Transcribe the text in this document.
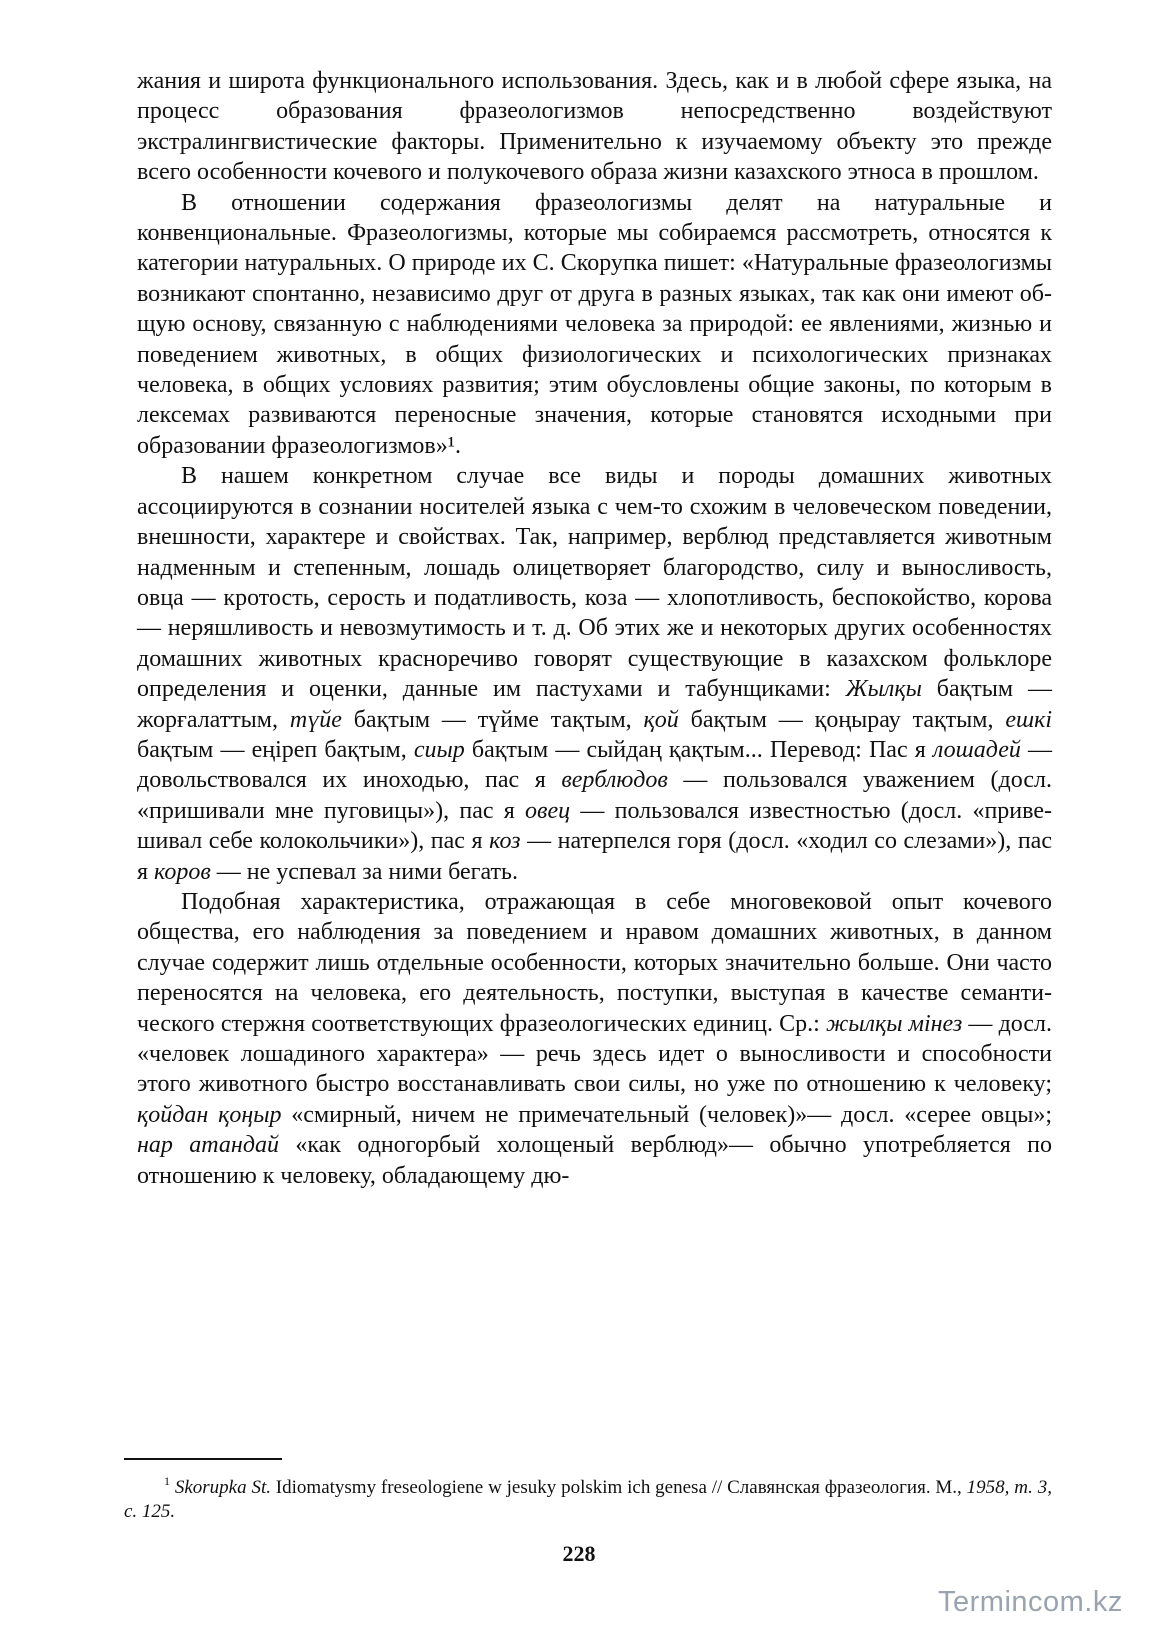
жания и широта функционального использования. Здесь, как и в любой сфере языка, на процесс образования фразеологизмов непосредственно воздействуют экстралингвистические факторы. Применительно к изучаемому объекту это прежде всего особенности кочевого и полукочевого образа жизни казахского этноса в прошлом.

В отношении содержания фразеологизмы делят на натуральные и конвенциональные. Фразеологизмы, которые мы собираемся рассмотреть, относятся к категории натуральных. О природе их С. Скорупка пишет: «Натуральные фразеологизмы возникают спонтанно, независимо друг от друга в разных языках, так как они имеют общую основу, связанную с наблюдениями человека за природой: ее явлениями, жизнью и поведением животных, в общих физиологических и психологических признаках человека, в общих условиях развития; этим обусловлены общие законы, по которым в лексемах развиваются переносные значения, которые становятся исходными при образовании фразеологизмов»¹.

В нашем конкретном случае все виды и породы домашних животных ассоциируются в сознании носителей языка с чем-то схожим в человеческом поведении, внешности, характере и свойствах. Так, например, верблюд представляется животным надменным и степенным, лошадь олицетворяет благородство, силу и выносливость, овца — кротость, серость и податливость, коза — хлопотливость, беспокойство, корова — неряшливость и невозмутимость и т. д. Об этих же и некоторых других особенностях домашних животных красноречиво говорят существующие в казахском фольклоре определения и оценки, данные им пастухами и табунщиками: Жылқы бақтым — жорғалаттым, түйе бақтым — түйме тақтым, қой бақтым — қоңырау тақтым, ешкі бақтым — еңіреп бақтым, сиыр бақтым — сыйдаң қақтым... Перевод: Пас я лошадей — довольствовался их иноходью, пас я верблюдов — пользовался уважением (досл. «пришивали мне пуговицы»), пас я овец — пользовался известностью (досл. «привешивал себе колокольчики»), пас я коз — натерпелся горя (досл. «ходил со слезами»), пас я коров — не успевал за ними бегать.

Подобная характеристика, отражающая в себе многовековой опыт кочевого общества, его наблюдения за поведением и нравом домашних животных, в данном случае содержит лишь отдельные особенности, которых значительно больше. Они часто переносятся на человека, его деятельность, поступки, выступая в качестве семантического стержня соответствующих фразеологических единиц. Ср.: жылқы мінез — досл. «человек лошадиного характера» — речь здесь идет о выносливости и способности этого животного быстро восстанавливать свои силы, но уже по отношению к человеку; қойдан қоңыр «смирный, ничем не примечательный (человек)»— досл. «серее овцы»; нар атандай «как одногорбый холощеный верблюд»— обычно употребляется по отношению к человеку, обладающему дю-

$^1$ Skorupka St. Idiomatysmy freseologiene w jesuky polskim ich genesa // Славянская фразеология. М., 1958, т. 3, с. 125.

228
Termincom.kz
